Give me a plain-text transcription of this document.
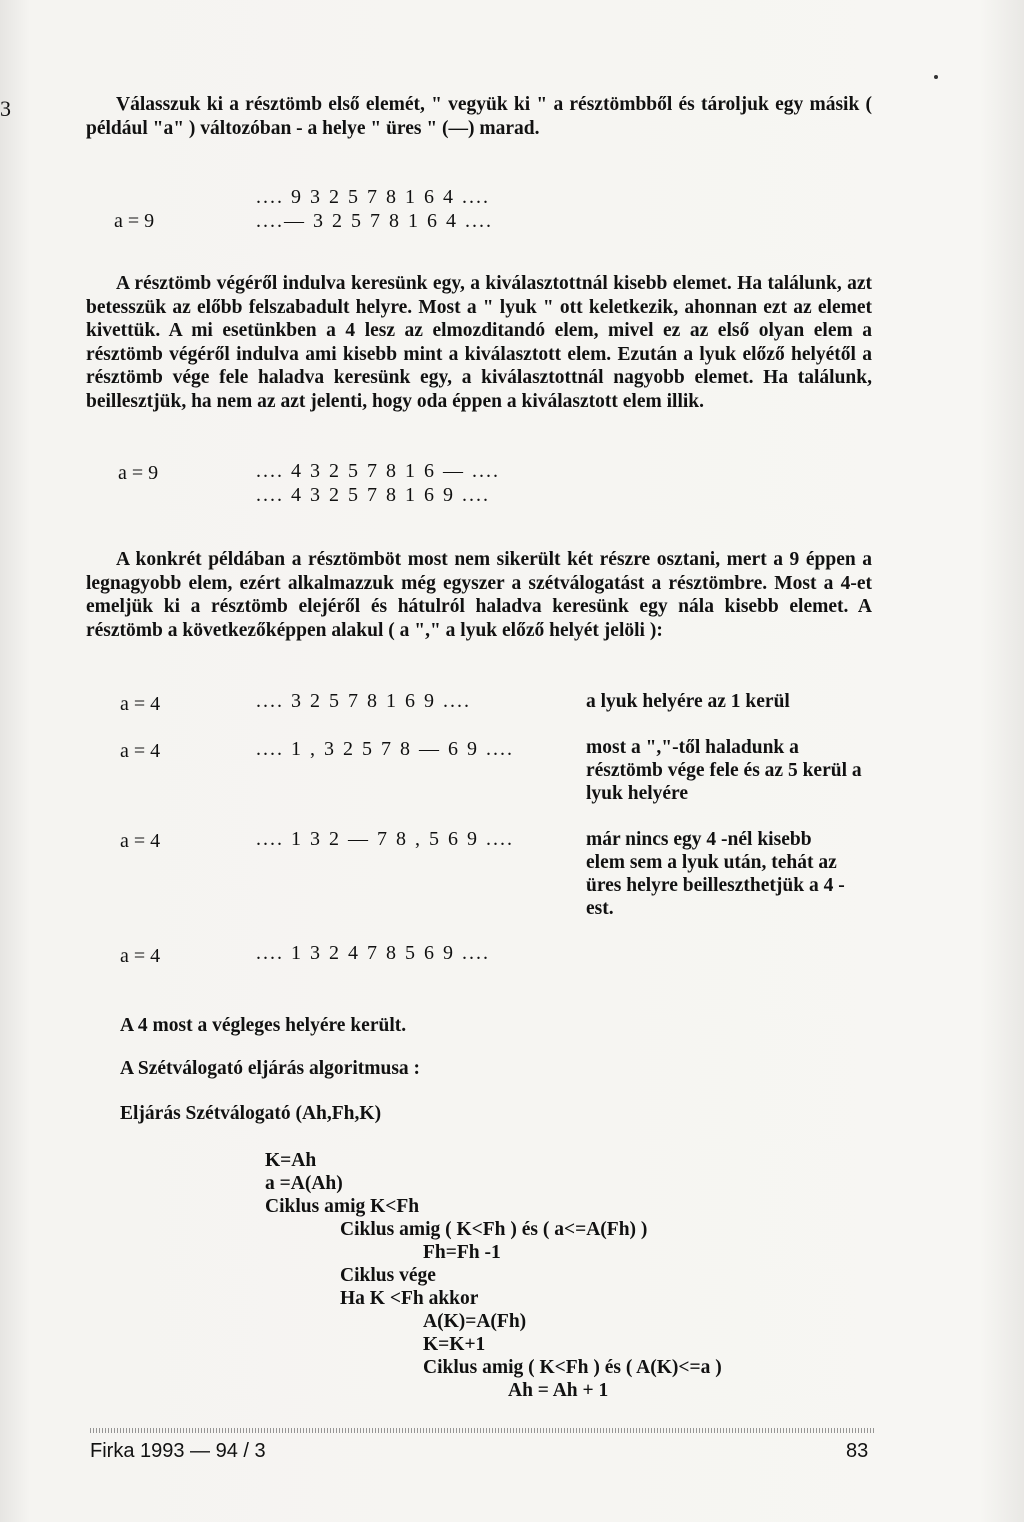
3	Válasszuk ki a résztömb első elemét, " vegyük ki " a résztömbből és tároljuk egy másik ( például "a" ) változóban - a helye " üres " (—) marad.

.... 9 3 2 5 7 8 1 6 4 ....
a = 9	....— 3 2 5 7 8 1 6 4 ....

A résztömb végéről indulva keresünk egy, a kiválasztottnál kisebb elemet. Ha találunk, azt betesszük az előbb felszabadult helyre. Most a " lyuk " ott keletkezik, ahonnan ezt az elemet kivettük. A mi esetünkben a 4 lesz az elmozditandó elem, mivel ez az első olyan elem a résztömb végéről indulva ami kisebb mint a kiválasztott elem. Ezután a lyuk előző helyétől a résztömb vége fele haladva keresünk egy, a kiválasztottnál nagyobb elemet. Ha találunk, beillesztjük, ha nem az azt jelenti, hogy oda éppen a kiválasztott elem illik.

a = 9	.... 4 3 2 5 7 8 1 6 — ....
.... 4 3 2 5 7 8 1 6 9 ....

A konkrét példában a résztömböt most nem sikerült két részre osztani, mert a 9 éppen a legnagyobb elem, ezért alkalmazzuk még egyszer a szétválogatást a résztömbre. Most a 4-et emeljük ki a résztömb elejéről és hátulról haladva keresünk egy nála kisebb elemet. A résztömb a következőképpen alakul ( a "," a lyuk előző helyét jelöli ):

a = 4	.... 3 2 5 7 8 1 6 9 ....	a lyuk helyére az 1 kerül
a = 4	.... 1 , 3 2 5 7 8 — 6 9 ....	most a ","-től haladunk a résztömb vége fele és az 5 kerül a lyuk helyére
a = 4	.... 1 3 2 — 7 8 , 5 6 9 ....	már nincs egy 4 -nél kisebb elem sem a lyuk után, tehát az üres helyre beilleszthetjük a 4 -est.
a = 4	.... 1 3 2 4 7 8 5 6 9 ....
A 4 most a végleges helyére került.
A Szétválogató eljárás algoritmusa :
Eljárás Szétválogató (Ah,Fh,K)
K=Ah
a =A(Ah)
Ciklus amig K<Fh
Ciklus amig ( K<Fh ) és ( a<=A(Fh) )
Fh=Fh -1
Ciklus vége
Ha K <Fh akkor
A(K)=A(Fh)
K=K+1
Ciklus amig ( K<Fh ) és ( A(K)<=a )
Ah = Ah + 1
Firka 1993 — 94 / 3	83
